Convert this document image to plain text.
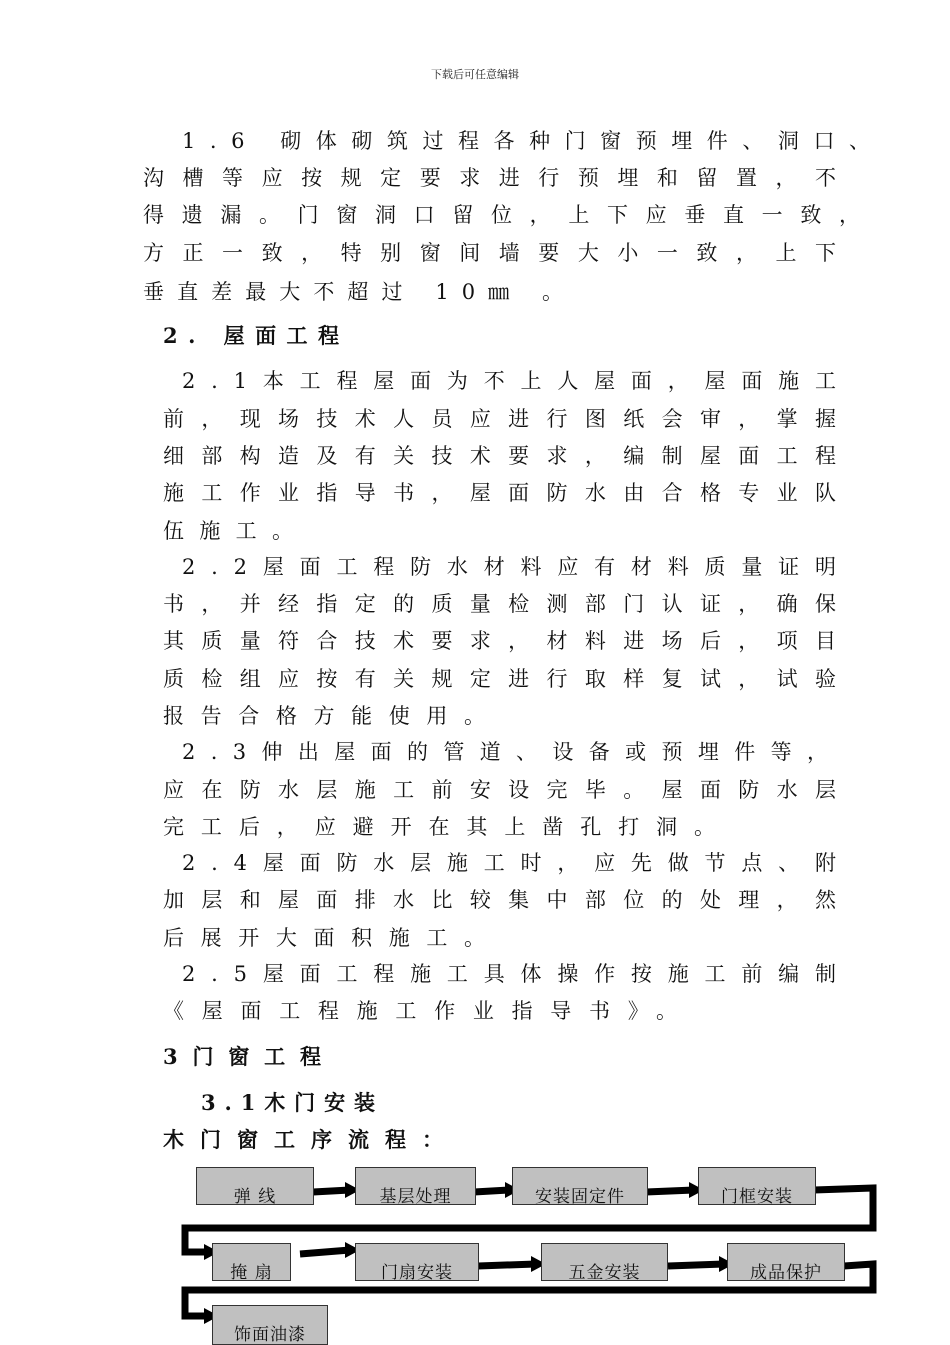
下载后可任意编辑
1.6 砌体砌筑过程各种门窗预埋件、洞口、
沟槽等应按规定要求进行预埋和留置，不
得遗漏。门窗洞口留位，上下应垂直一致，
方正一致，特别窗间墙要大小一致，上下
垂直差最大不超过 10㎜ 。
2. 屋面工程
2.1本工程屋面为不上人屋面，屋面施工
前，现场技术人员应进行图纸会审，掌握
细部构造及有关技术要求，编制屋面工程
施工作业指导书，屋面防水由合格专业队
伍施工。
2.2屋面工程防水材料应有材料质量证明
书，并经指定的质量检测部门认证，确保
其质量符合技术要求，材料进场后，项目
质检组应按有关规定进行取样复试，试验
报告合格方能使用。
2.3伸出屋面的管道、设备或预埋件等，
应在防水层施工前安设完毕。屋面防水层
完工后，应避开在其上凿孔打洞。
2.4屋面防水层施工时，应先做节点、附
加层和屋面排水比较集中部位的处理，然
后展开大面积施工。
2.5屋面工程施工具体操作按施工前编制
《屋面工程施工作业指导书》。
3门窗工程
3.1木门安装
木门窗工序流程：
弹 线	基层处理	安装固定件	门框安装
掩 扇	门扇安装	五金安装	成品保护
饰面油漆
